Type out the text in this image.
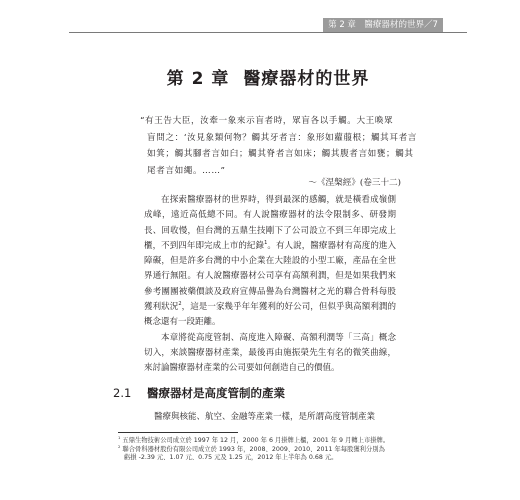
第 2 章　醫療器材的世界／7
第 2 章 醫療器材的世界

“有王告大臣，汝牽一象來示盲者時，眾盲各以手觸。大王喚眾

盲問之：‘汝見象類何物？觸其牙者言：象形如蘿菔根；觸其耳者言

如箕；觸其腳者言如臼；觸其脊者言如床；觸其腹者言如甕；觸其

尾者言如繩。……”

～《涅槃經》(卷三十二)

在探索醫療器材的世界時，得到最深的感觸，就是橫看成嶺側成峰，遠近高低總不同。有人說醫療器材的法令限制多、研發期長、回收慢，但台灣的五鼎生技剛下了公司設立不到三年即完成上櫃，不到四年即完成上市的紀錄$^1$。有人說，醫療器材有高度的進入障礙，但是許多台灣的中小企業在大陸設的小型工廠，產品在全世界通行無阻。有人說醫療器材公司享有高額利潤，但是如果我們來參考團團被藥價談及政府宣傳品譽為台灣醫材之光的聯合骨科每股獲利狀況$^2$，這是一家幾乎年年獲利的好公司，但似乎與高額利潤的概念還有一段距離。

本章將從高度管制、高度進入障礙、高額利潤等「三高」概念切入，來談醫療器材產業，最後再由施振榮先生有名的微笑曲線，來討論醫療器材產業的公司要如何創造自己的價值。

2.1 醫療器材是高度管制的產業
醫療與核能、航空、金融等產業一樣，是所謂高度管制產業

$^1$ 五鼎生物技術公司成立於 1997 年 12 月，2000 年 6 月掛牌上櫃，2001 年 9 月轉上市掛牌。

$^2$ 聯合骨科器材股份有限公司成立於 1993 年，2008、2009、2010、2011 年每股獲利分別為

虧損 -2.39 元、1.07 元、0.75 元及 1.25 元，2012 年上半年為 0.68 元。
